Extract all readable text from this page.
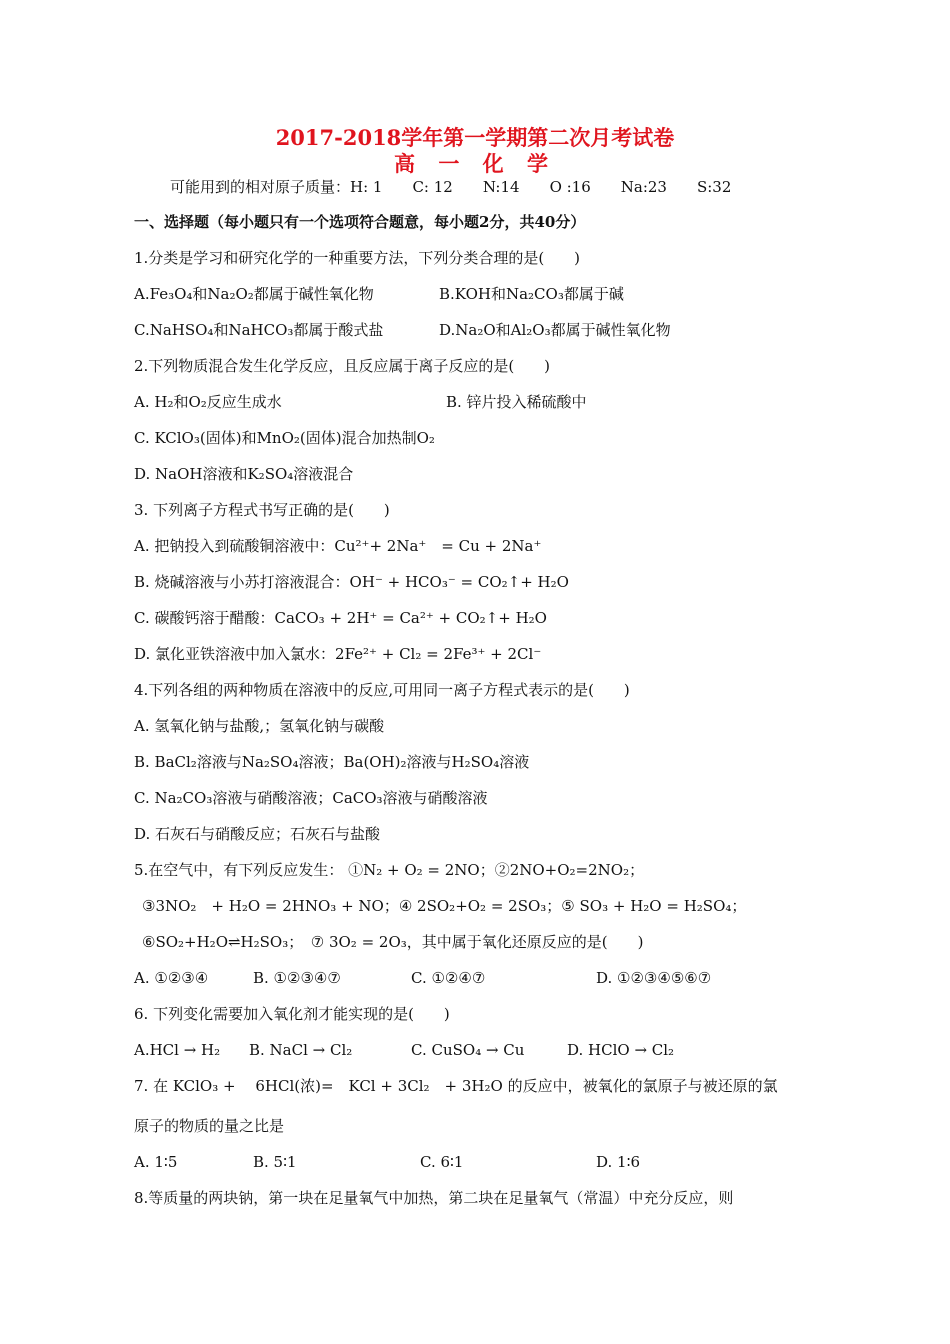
2017-2018学年第一学期第二次月考试卷
高 一 化 学
可能用到的相对原子质量：H: 1　　C: 12　　N:14　　O :16　　Na:23　　S:32
一、选择题（每小题只有一个选项符合题意，每小题2分，共40分）
1.分类是学习和研究化学的一种重要方法，下列分类合理的是(　　)
A.Fe₃O₄和Na₂O₂都属于碱性氧化物	B.KOH和Na₂CO₃都属于碱
C.NaHSO₄和NaHCO₃都属于酸式盐	D.Na₂O和Al₂O₃都属于碱性氧化物
2.下列物质混合发生化学反应，且反应属于离子反应的是(　　)
A. H₂和O₂反应生成水	B. 锌片投入稀硫酸中
C. KClO₃(固体)和MnO₂(固体)混合加热制O₂
D. NaOH溶液和K₂SO₄溶液混合
3. 下列离子方程式书写正确的是(　　)
A. 把钠投入到硫酸铜溶液中：Cu²⁺+ 2Na⁺　= Cu + 2Na⁺
B. 烧碱溶液与小苏打溶液混合：OH⁻ + HCO₃⁻ = CO₂↑+ H₂O
C. 碳酸钙溶于醋酸：CaCO₃ + 2H⁺ = Ca²⁺ + CO₂↑+ H₂O
D. 氯化亚铁溶液中加入氯水：2Fe²⁺ + Cl₂ = 2Fe³⁺ + 2Cl⁻
4.下列各组的两种物质在溶液中的反应,可用同一离子方程式表示的是(　　)
A. 氢氧化钠与盐酸,；氢氧化钠与碳酸
B. BaCl₂溶液与Na₂SO₄溶液；Ba(OH)₂溶液与H₂SO₄溶液
C. Na₂CO₃溶液与硝酸溶液；CaCO₃溶液与硝酸溶液
D. 石灰石与硝酸反应；石灰石与盐酸
5.在空气中，有下列反应发生： ①N₂ + O₂ = 2NO；②2NO+O₂=2NO₂；
③3NO₂　+ H₂O = 2HNO₃ + NO；④ 2SO₂+O₂ = 2SO₃；⑤ SO₃ + H₂O = H₂SO₄；
⑥SO₂+H₂O⇌H₂SO₃；　⑦ 3O₂ = 2O₃，其中属于氧化还原反应的是(　　)
A. ①②③④	B. ①②③④⑦	C. ①②④⑦	D. ①②③④⑤⑥⑦
6. 下列变化需要加入氧化剂才能实现的是(　　)
A.HCl → H₂ B. NaCl → Cl₂	C. CuSO₄ → Cu	D. HClO → Cl₂
7. 在 KClO₃ + 　6HCl(浓)=　KCl + 3Cl₂　+ 3H₂O 的反应中，被氧化的氯原子与被还原的氯
原子的物质的量之比是
A. 1∶5	B. 5∶1	C. 6∶1	D. 1∶6
8.等质量的两块钠，第一块在足量氧气中加热，第二块在足量氧气（常温）中充分反应，则
